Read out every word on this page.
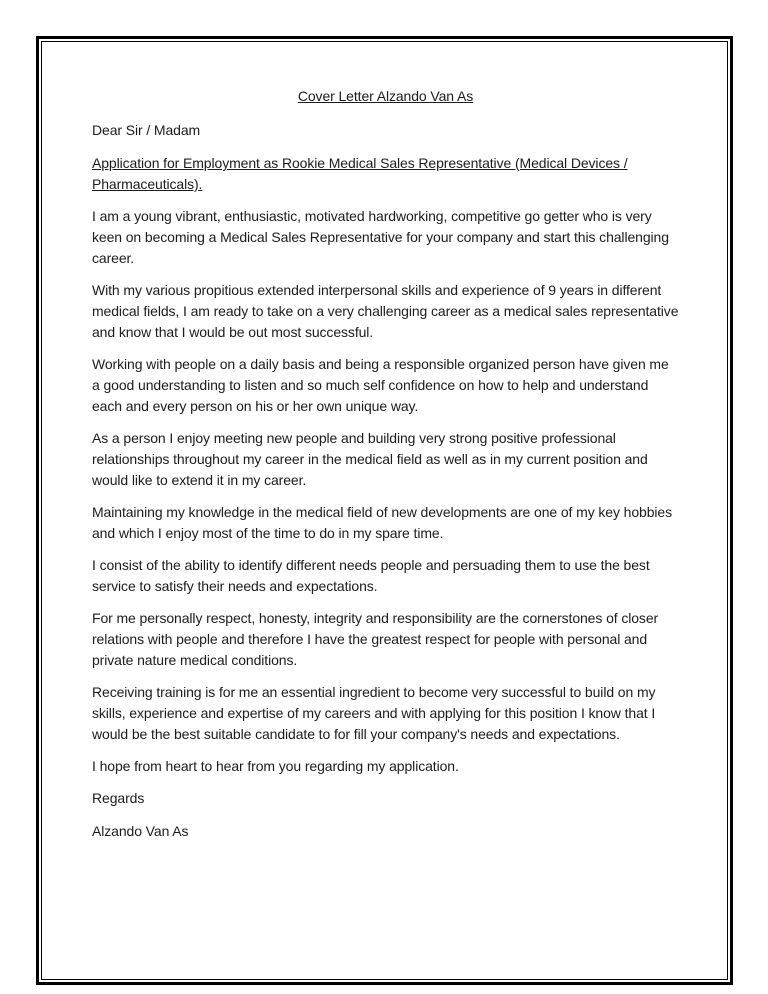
Cover Letter Alzando Van As

Dear Sir / Madam

Application for Employment as Rookie Medical Sales Representative (Medical Devices / Pharmaceuticals).

I am a young vibrant, enthusiastic, motivated hardworking, competitive go getter who is very keen on becoming a Medical Sales Representative for your company and start this challenging career.

With my various propitious extended interpersonal skills and experience of 9 years in different medical fields, I am ready to take on a very challenging career as a medical sales representative and know that I would be out most successful.

Working with people on a daily basis and being a responsible organized person have given me a good understanding to listen and so much self confidence on how to help and understand each and every person on his or her own unique way.

As a person I enjoy meeting new people and building very strong positive professional relationships throughout my career in the medical field as well as in my current position and would like to extend it in my career.

Maintaining my knowledge in the medical field of new developments are one of my key hobbies and which I enjoy most of the time to do in my spare time.

I consist of the ability to identify different needs people and persuading them to use the best service to satisfy their needs and expectations.

For me personally respect, honesty, integrity and responsibility are the cornerstones of closer relations with people and therefore I have the greatest respect for people with personal and private nature medical conditions.

Receiving training is for me an essential ingredient to become very successful to build on my skills, experience and expertise of my careers and with applying for this position I know that I would be the best suitable candidate to for fill your company's needs and expectations.

I hope from heart to hear from you regarding my application.

Regards

Alzando Van As
